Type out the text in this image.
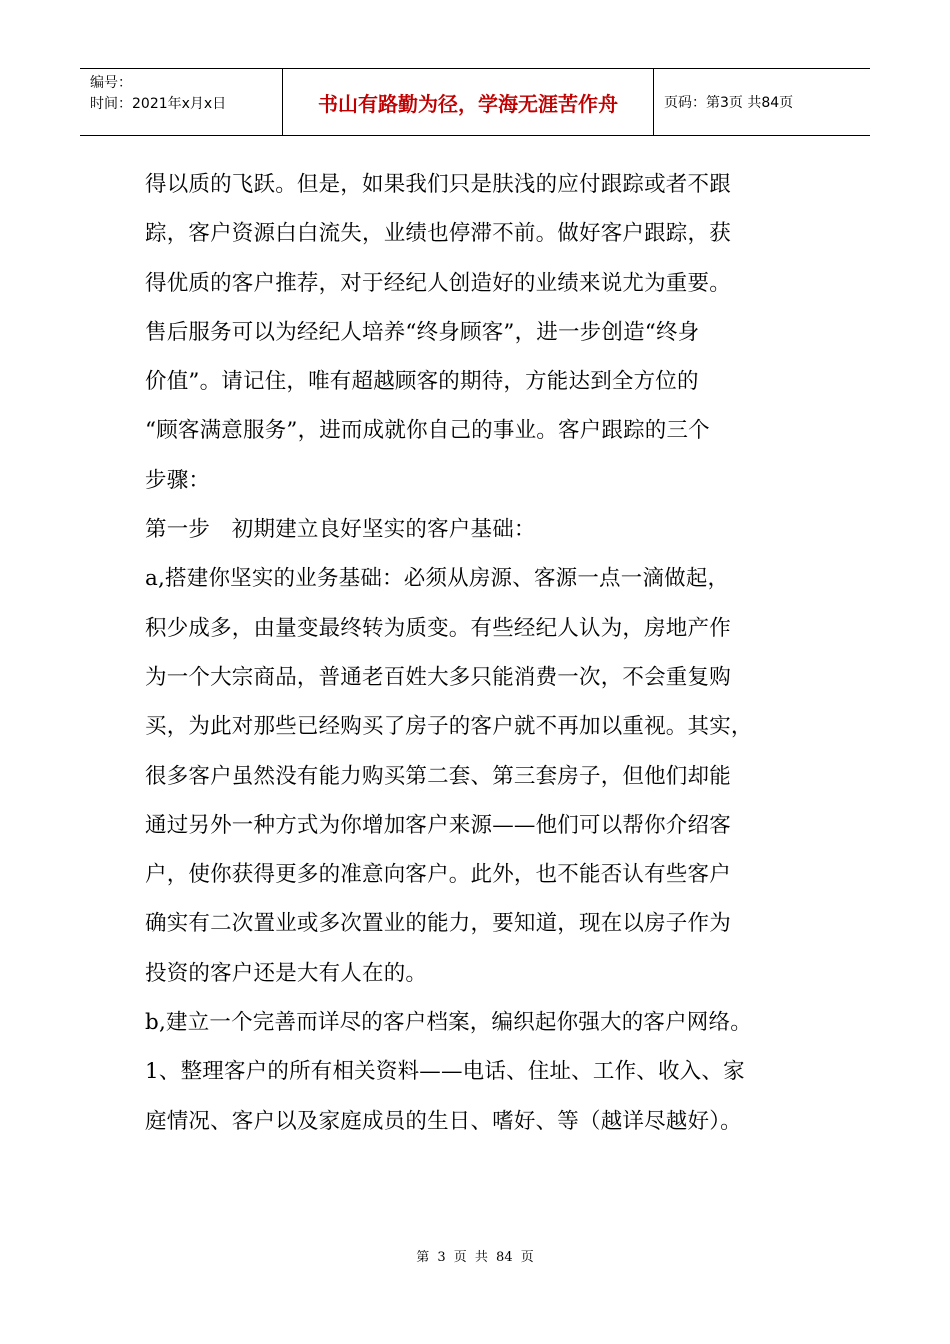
编号：
时间：2021年x月x日	书山有路勤为径，学海无涯苦作舟	页码：第3页 共84页

得以质的飞跃。但是，如果我们只是肤浅的应付跟踪或者不跟

踪，客户资源白白流失，业绩也停滞不前。做好客户跟踪，获

得优质的客户推荐，对于经纪人创造好的业绩来说尤为重要。

售后服务可以为经纪人培养“终身顾客”，进一步创造“终身

价值”。请记住，唯有超越顾客的期待，方能达到全方位的

“顾客满意服务”，进而成就你自己的事业。客户跟踪的三个

步骤：

第一步　初期建立良好坚实的客户基础：

a,搭建你坚实的业务基础：必须从房源、客源一点一滴做起，

积少成多，由量变最终转为质变。有些经纪人认为，房地产作

为一个大宗商品，普通老百姓大多只能消费一次，不会重复购

买，为此对那些已经购买了房子的客户就不再加以重视。其实，

很多客户虽然没有能力购买第二套、第三套房子，但他们却能

通过另外一种方式为你增加客户来源——他们可以帮你介绍客

户，使你获得更多的准意向客户。此外，也不能否认有些客户

确实有二次置业或多次置业的能力，要知道，现在以房子作为

投资的客户还是大有人在的。

b,建立一个完善而详尽的客户档案，编织起你强大的客户网络。

1、整理客户的所有相关资料——电话、住址、工作、收入、家

庭情况、客户以及家庭成员的生日、嗜好、等（越详尽越好）。

第 3 页 共 84 页
